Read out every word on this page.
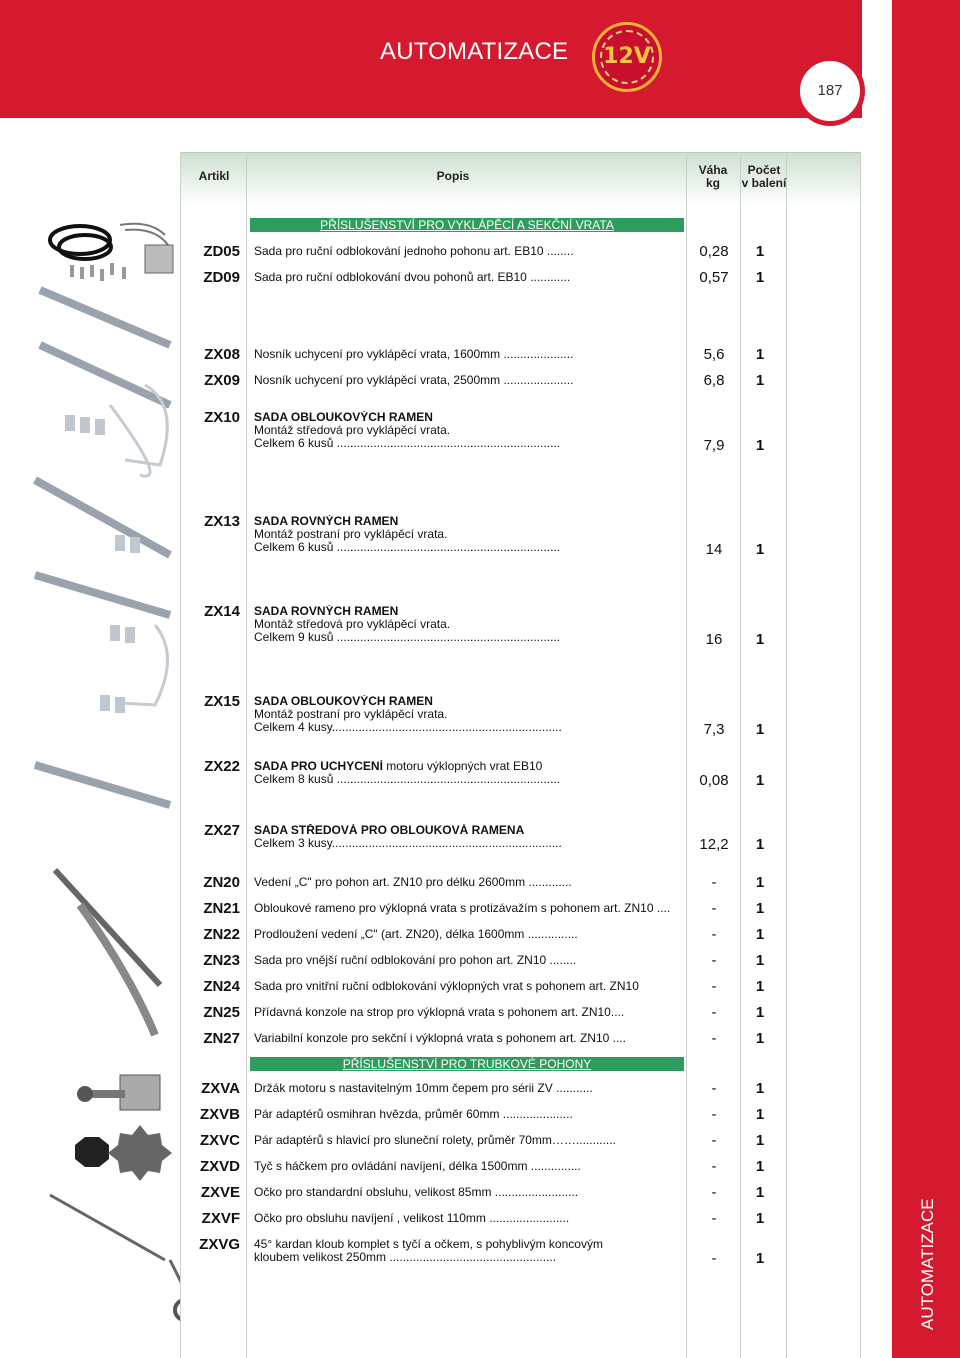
AUTOMATIZACE	12V
187
AUTOMATIZACE
Artikl	Popis	Váha
kg
Počet
v balení
PŘÍSLUŠENSTVÍ PRO VYKLÁPĚCÍ A SEKČNÍ VRATA
PŘÍSLUŠENSTVÍ PRO TRUBKOVÉ POHONY
ZD05 Sada pro ruční odblokování jednoho pohonu art. EB10 ........	0,28	1
ZD09 Sada pro ruční odblokování dvou pohonů art. EB10 ............	0,57	1
ZX08 Nosník uchycení pro vyklápěcí vrata, 1600mm .....................	5,6	1
ZX09 Nosník uchycení pro vyklápěcí vrata, 2500mm .....................	6,8	1
ZX10 SADA OBLOUKOVÝCH RAMEN
Montáž středová pro vyklápěcí vrata.
Celkem 6 kusů ...................................................................	7,9	1
ZX13 SADA ROVNÝCH RAMEN
Montáž postraní pro vyklápěcí vrata.
Celkem 6 kusů ...................................................................	14	1
ZX14 SADA ROVNÝCH RAMEN
Montáž středová pro vyklápěcí vrata.
Celkem 9 kusů ...................................................................	16	1
ZX15 SADA OBLOUKOVÝCH RAMEN
Montáž postraní pro vyklápěcí vrata.
Celkem 4 kusy.....................................................................	7,3	1
ZX22 SADA PRO UCHYCENÍ motoru výklopných vrat EB10
Celkem 8 kusů ...................................................................	0,08	1
ZX27 SADA STŘEDOVÁ PRO OBLOUKOVÁ RAMENA
Celkem 3 kusy.....................................................................	12,2	1
ZN20 Vedení „C" pro pohon art. ZN10 pro délku 2600mm .............	-	1
ZN21 Obloukové rameno pro výklopná vrata s protizávažím s pohonem art. ZN10 ....	-	1
ZN22 Prodloužení vedení „C" (art. ZN20), délka 1600mm ...............	-	1
ZN23 Sada pro vnější ruční odblokování pro pohon art. ZN10 ........	-	1
ZN24 Sada pro vnitřní ruční odblokování výklopných vrat s pohonem art. ZN10	-	1
ZN25 Přídavná konzole na strop pro výklopná vrata s pohonem art. ZN10....	-	1
ZN27 Variabilní konzole pro sekční i výklopná vrata s pohonem art. ZN10 ....	-	1
ZXVA Držák motoru s nastavitelným 10mm čepem pro sérii ZV ...........	-	1
ZXVB Pár adaptérů osmihran hvězda, průměr 60mm .....................	-	1
ZXVC Pár adaptérů s hlavicí pro sluneční rolety, průměr 70mm……............	-	1
ZXVD Tyč s háčkem pro ovládání navíjení, délka 1500mm ...............	-	1
ZXVE Očko pro standardní obsluhu, velikost 85mm .........................	-	1
ZXVF Očko pro obsluhu navíjení , velikost 110mm ........................	-	1
ZXVG 45° kardan kloub komplet s tyčí a očkem, s pohyblivým koncovým
kloubem velikost 250mm ..................................................	-	1
